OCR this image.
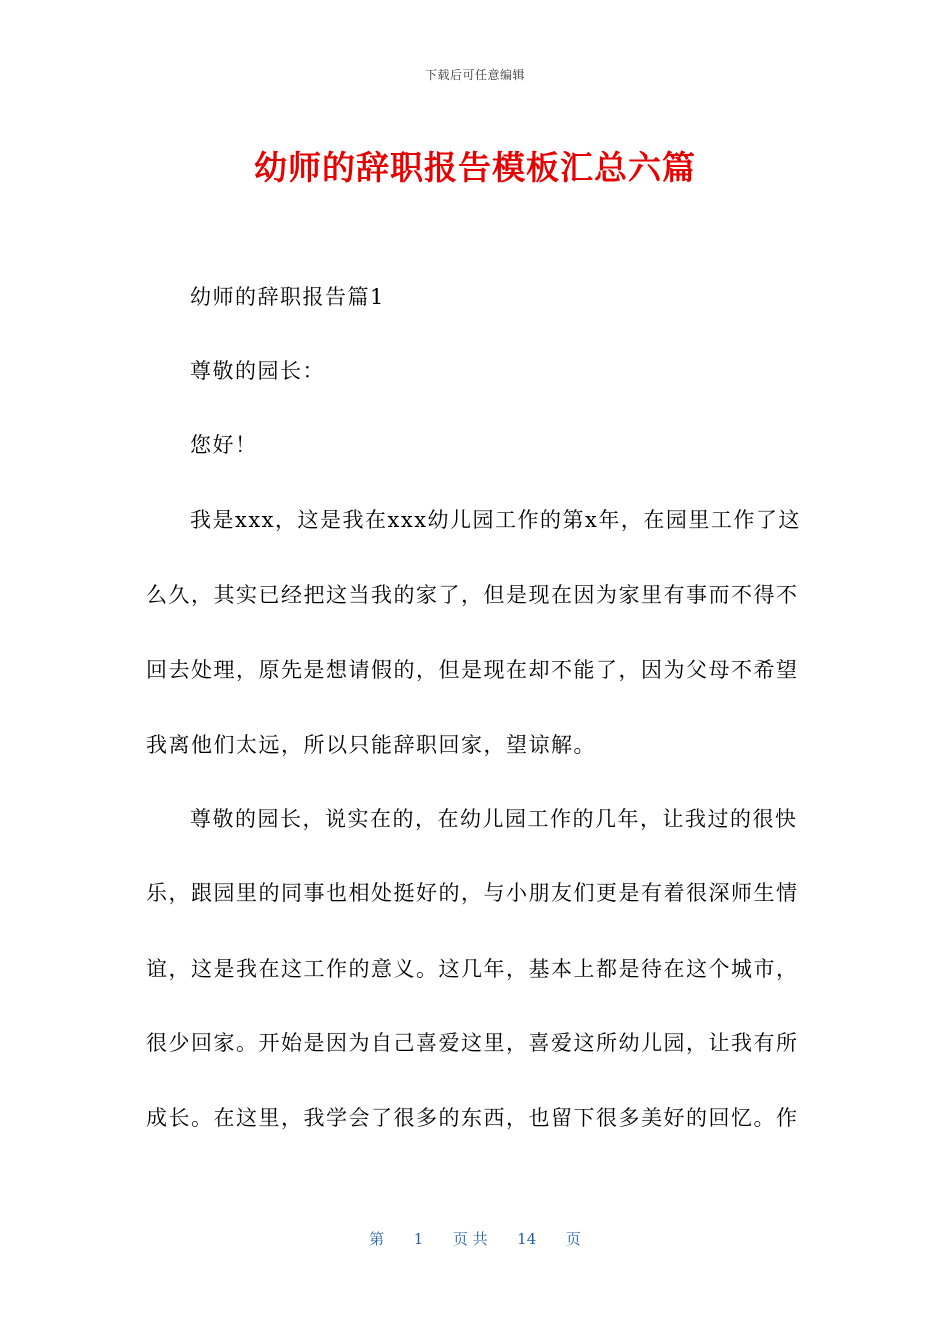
下载后可任意编辑
幼师的辞职报告模板汇总六篇
幼师的辞职报告篇1
尊敬的园长：
您好！
我是xxx，这是我在xxx幼儿园工作的第x年，在园里工作了这
么久，其实已经把这当我的家了，但是现在因为家里有事而不得不
回去处理，原先是想请假的，但是现在却不能了，因为父母不希望
我离他们太远，所以只能辞职回家，望谅解。
尊敬的园长，说实在的，在幼儿园工作的几年，让我过的很快
乐，跟园里的同事也相处挺好的，与小朋友们更是有着很深师生情
谊，这是我在这工作的意义。这几年，基本上都是待在这个城市，
很少回家。开始是因为自己喜爱这里，喜爱这所幼儿园，让我有所
成长。在这里，我学会了很多的东西，也留下很多美好的回忆。作
第 1 页 共 14 页
